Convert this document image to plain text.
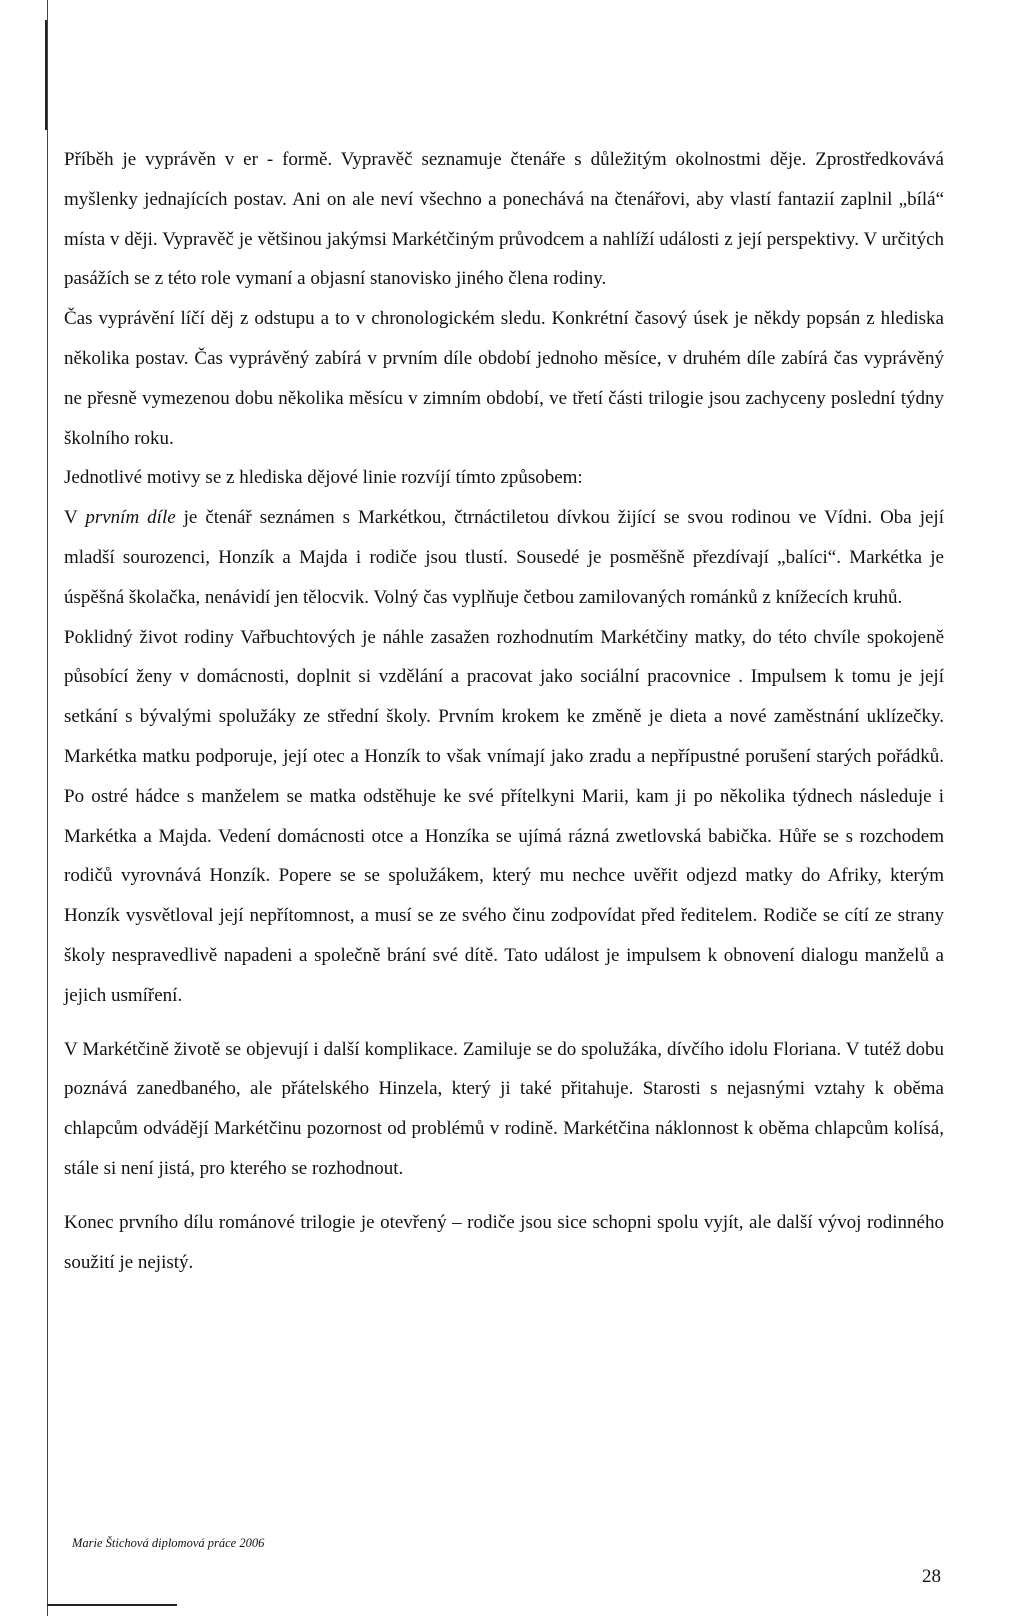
Příběh je vyprávěn v er - formě. Vypravěč seznamuje čtenáře s důležitým okolnostmi děje. Zprostředkovává myšlenky jednajících postav. Ani on ale neví všechno a ponechává na čtenářovi, aby vlastí fantazií zaplnil „bílá“ místa v ději. Vypravěč je většinou jakýmsi Markétčiným průvodcem a nahlíží události z její perspektivy. V určitých pasážích se z této role vymaní a objasní stanovisko jiného člena rodiny.

Čas vyprávění líčí děj z odstupu a to v chronologickém sledu. Konkrétní časový úsek je někdy popsán z hlediska několika postav. Čas vyprávěný zabírá v prvním díle období jednoho měsíce, v druhém díle zabírá čas vyprávěný ne přesně vymezenou dobu několika měsícu v zimním období, ve třetí části trilogie jsou zachyceny poslední týdny školního roku.

Jednotlivé motivy se z hlediska dějové linie rozvíjí tímto způsobem:

V prvním díle je čtenář seznámen s Markétkou, čtrnáctiletou dívkou žijící se svou rodinou ve Vídni. Oba její mladší sourozenci, Honzík a Majda i rodiče jsou tlustí. Sousedé je posměšně přezdívají „balíci“. Markétka je úspěšná školačka, nenávidí jen tělocvik. Volný čas vyplňuje četbou zamilovaných románků z knížecích kruhů.

Poklidný život rodiny Vařbuchtových je náhle zasažen rozhodnutím Markétčiny matky, do této chvíle spokojeně působící ženy v domácnosti, doplnit si vzdělání a pracovat jako sociální pracovnice . Impulsem k tomu je její setkání s bývalými spolužáky ze střední školy. Prvním krokem ke změně je dieta a nové zaměstnání uklízečky. Markétka matku podporuje, její otec a Honzík to však vnímají jako zradu a nepřípustné porušení starých pořádků. Po ostré hádce s manželem se matka odstěhuje ke své přítelkyni Marii, kam ji po několika týdnech následuje i Markétka a Majda. Vedení domácnosti otce a Honzíka se ujímá rázná zwetlovská babička. Hůře se s rozchodem rodičů vyrovnává Honzík. Popere se se spolužákem, který mu nechce uvěřit odjezd matky do Afriky, kterým Honzík vysvětloval její nepřítomnost, a musí se ze svého činu zodpovídat před ředitelem. Rodiče se cítí ze strany školy nespravedlivě napadeni a společně brání své dítě. Tato událost je impulsem k obnovení dialogu manželů a jejich usmíření.

V Markétčině životě se objevují i další komplikace. Zamiluje se do spolužáka, dívčího idolu Floriana. V tutéž dobu poznává zanedbaného, ale přátelského Hinzela, který ji také přitahuje. Starosti s nejasnými vztahy k oběma chlapcům odvádějí Markétčinu pozornost od problémů v rodině. Markétčina náklonnost k oběma chlapcům kolísá, stále si není jistá, pro kterého se rozhodnout.

Konec prvního dílu románové trilogie je otevřený – rodiče jsou sice schopni spolu vyjít, ale další vývoj rodinného soužití je nejistý.

Marie Štichová diplomová práce 2006
28
